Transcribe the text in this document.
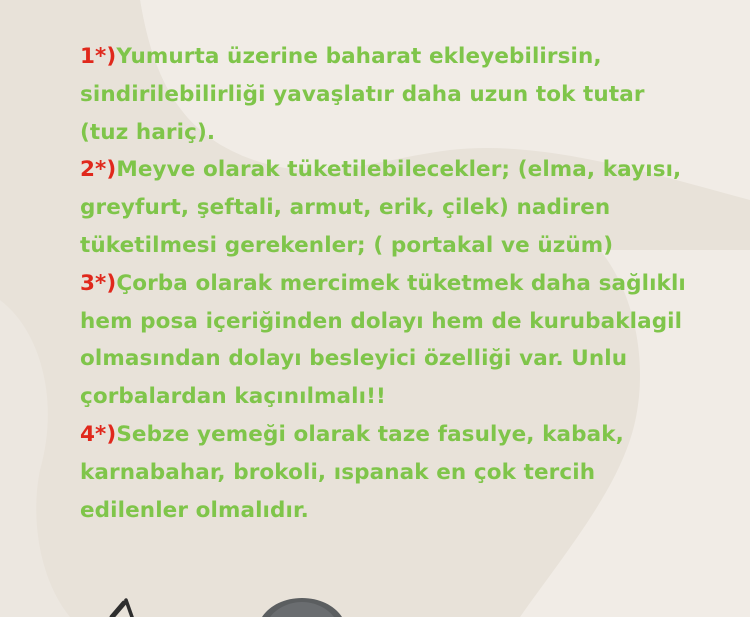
1*)Yumurta üzerine baharat ekleyebilirsin, sindirilebilirliği yavaşlatır daha uzun tok tutar (tuz hariç).

2*)Meyve olarak tüketilebilecekler; (elma, kayısı, greyfurt, şeftali, armut, erik, çilek) nadiren tüketilmesi gerekenler; ( portakal ve üzüm)

3*)Çorba olarak mercimek tüketmek daha sağlıklı hem posa içeriğinden dolayı hem de kurubaklagil olmasından dolayı besleyici özelliği var. Unlu çorbalardan kaçınılmalı!!

4*)Sebze yemeği olarak taze fasulye, kabak, karnabahar, brokoli, ıspanak en çok tercih edilenler olmalıdır.
